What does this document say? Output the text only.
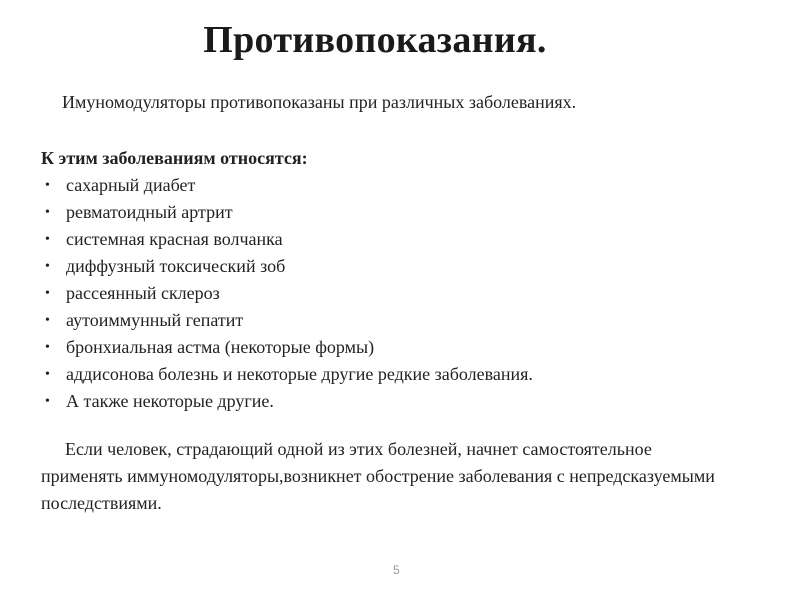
Противопоказания.
Имуномодуляторы противопоказаны при различных заболеваниях.
К этим заболеваниям относятся:
• сахарный диабет
• ревматоидный артрит
• системная красная волчанка
• диффузный токсический зоб
• рассеянный склероз
• аутоиммунный гепатит
• бронхиальная астма (некоторые формы)
• аддисонова болезнь и некоторые другие редкие заболевания.
• А также некоторые другие.

Если человек, страдающий одной из этих болезней, начнет самостоятельное применять иммуномодуляторы,возникнет обострение заболевания с непредсказуемыми последствиями.

5
